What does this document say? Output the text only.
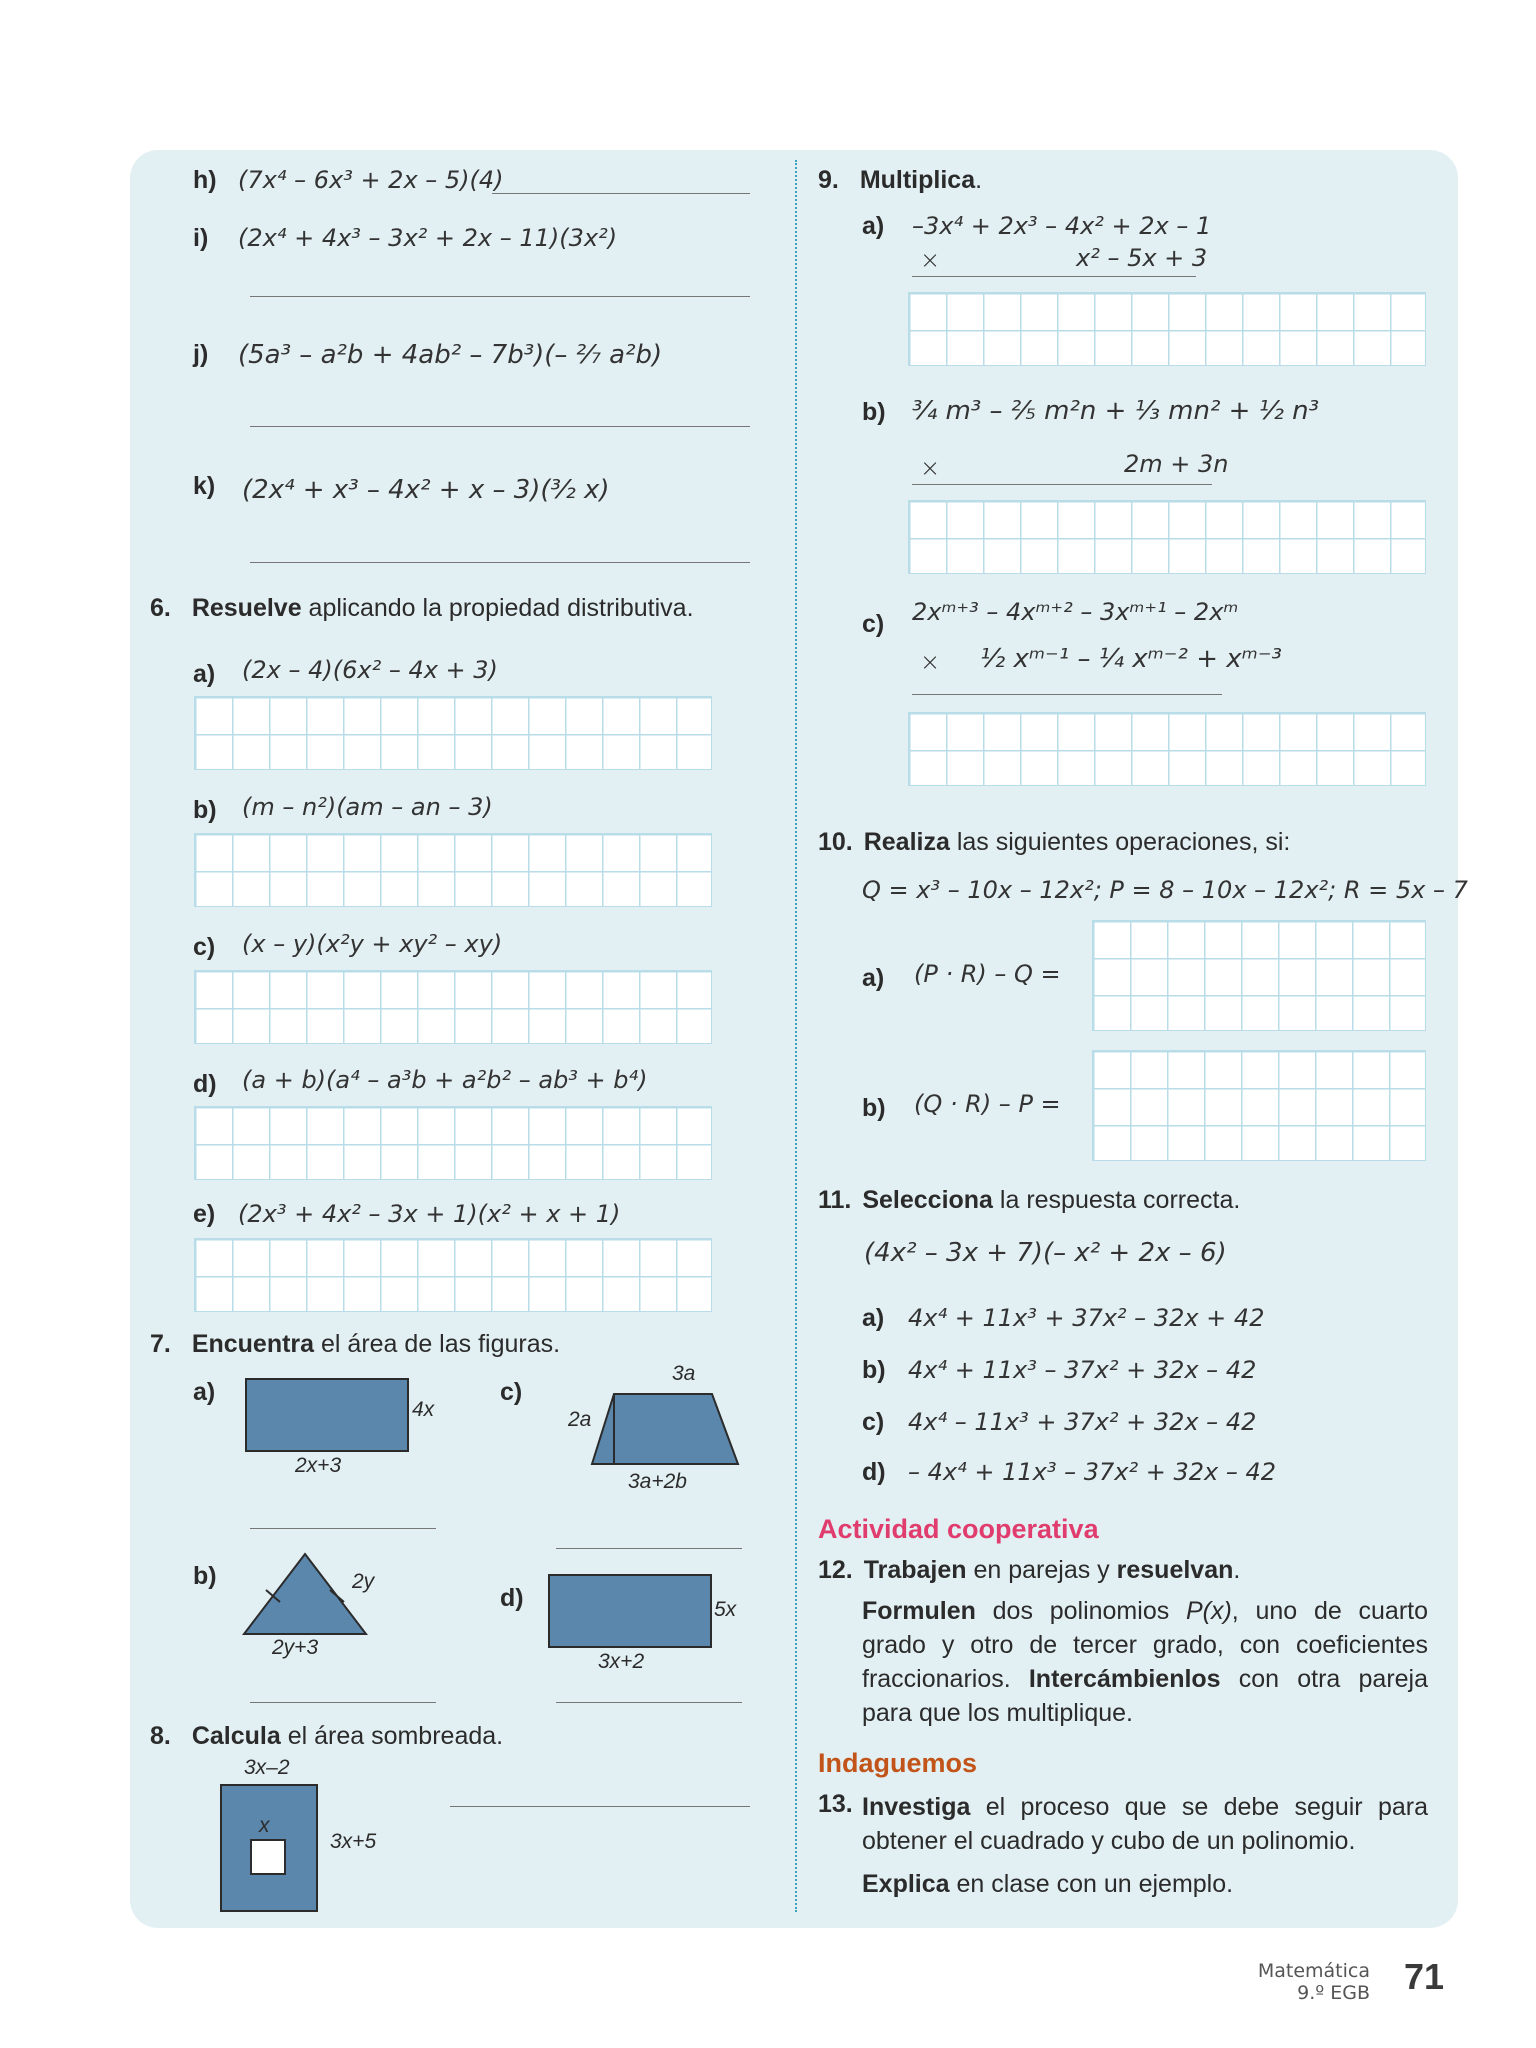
h) (7x⁴ – 6x³ + 2x – 5)(4)
i) (2x⁴ + 4x³ – 3x² + 2x – 11)(3x²)
j) (5a³ – a²b + 4ab² – 7b³)(– ²⁄₇ a²b)
k) (2x⁴ + x³ – 4x² + x – 3)(³⁄₂ x)
6. Resuelve aplicando la propiedad distributiva.
a) (2x – 4)(6x² – 4x + 3)
b) (m – n²)(am – an – 3)
c) (x – y)(x²y + xy² – xy)
d) (a + b)(a⁴ – a³b + a²b² – ab³ + b⁴)
e) (2x³ + 4x² – 3x + 1)(x² + x + 1)
7. Encuentra el área de las figuras.
a)
4x
2x+3
c)
3a
2a
3a+2b
b)	2y
2y+3
d)	5x
3x+2
8. Calcula el área sombreada.
3x–2
x
3x+5
9. Multiplica.
a) –3x⁴ + 2x³ – 4x² + 2x – 1
×	x² – 5x + 3
b) ³⁄₄ m³ – ²⁄₅ m²n + ¹⁄₃ mn² + ¹⁄₂ n³
×	2m + 3n
c) 2xᵐ⁺³ – 4xᵐ⁺² – 3xᵐ⁺¹ – 2xᵐ
× ½ xᵐ⁻¹ – ¼ xᵐ⁻² + xᵐ⁻³
10. Realiza las siguientes operaciones, si:
Q = x³ – 10x – 12x²; P = 8 – 10x – 12x²; R = 5x – 7
a) (P · R) – Q =
b) (Q · R) – P =
11. Selecciona la respuesta correcta.
(4x² – 3x + 7)(– x² + 2x – 6)
a) 4x⁴ + 11x³ + 37x² – 32x + 42
b) 4x⁴ + 11x³ – 37x² + 32x – 42
c) 4x⁴ – 11x³ + 37x² + 32x – 42
d) – 4x⁴ + 11x³ – 37x² + 32x – 42
Actividad cooperativa
12. Trabajen en parejas y resuelvan.
Formulen dos polinomios P(x), uno de cuarto grado y otro de tercer grado, con coeficientes fraccionarios. Intercámbienlos con otra pareja para que los multiplique.
Indaguemos
13. Investiga el proceso que se debe seguir para obtener el cuadrado y cubo de un polinomio.
Explica en clase con un ejemplo.
Matemática
9.º EGB 71
